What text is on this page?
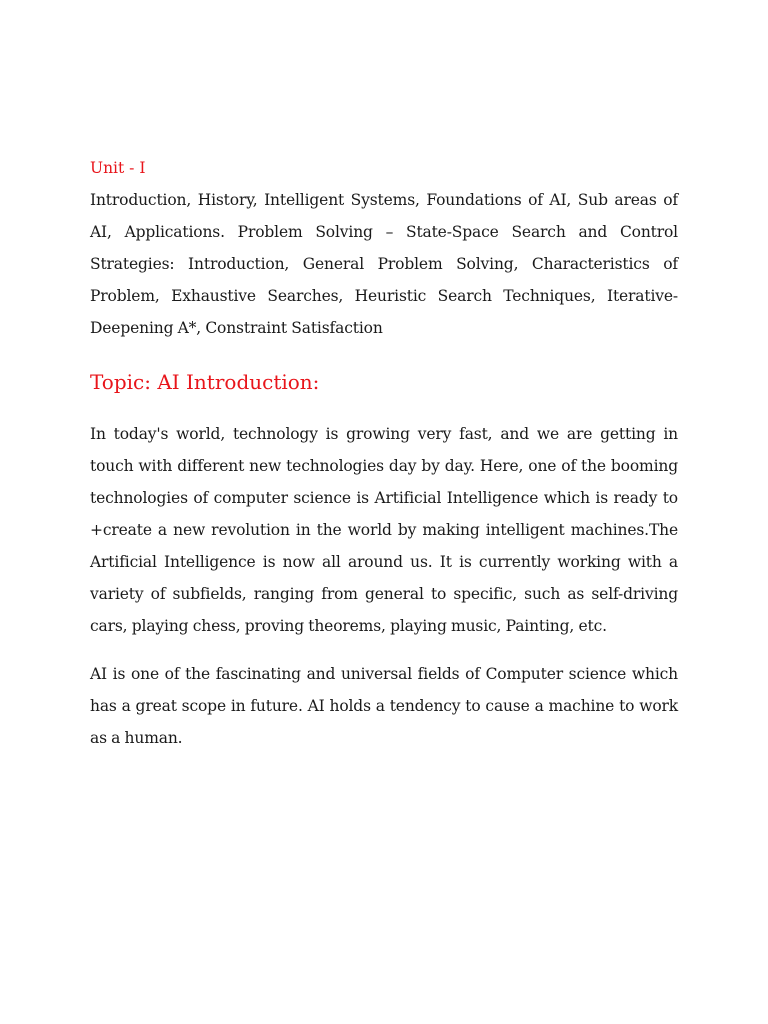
Unit - I

Introduction, History, Intelligent Systems, Foundations of AI, Sub areas of AI, Applications. Problem Solving – State-Space Search and Control Strategies: Introduction, General Problem Solving, Characteristics of Problem, Exhaustive Searches, Heuristic Search Techniques, Iterative-Deepening A*, Constraint Satisfaction

Topic: AI Introduction:

In today's world, technology is growing very fast, and we are getting in touch with different new technologies day by day. Here, one of the booming technologies of computer science is Artificial Intelligence which is ready to +create a new revolution in the world by making intelligent machines.The Artificial Intelligence is now all around us. It is currently working with a variety of subfields, ranging from general to specific, such as self-driving cars, playing chess, proving theorems, playing music, Painting, etc.

AI is one of the fascinating and universal fields of Computer science which has a great scope in future. AI holds a tendency to cause a machine to work as a human.
